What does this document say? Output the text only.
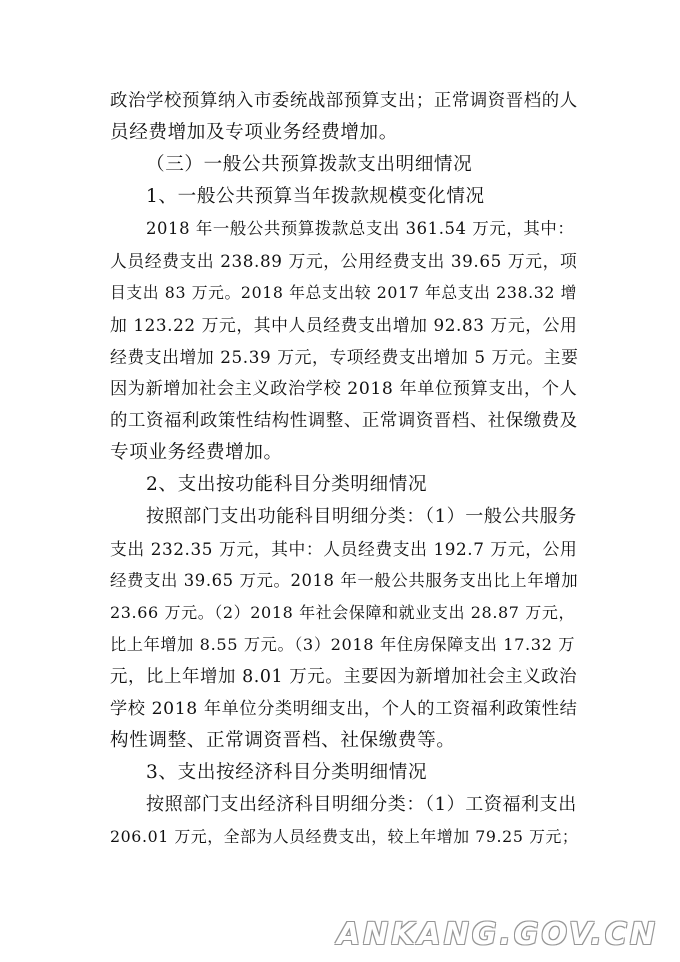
政治学校预算纳入市委统战部预算支出；正常调资晋档的人
员经费增加及专项业务经费增加。
（三）一般公共预算拨款支出明细情况
1、一般公共预算当年拨款规模变化情况
2018 年一般公共预算拨款总支出 361.54 万元，其中：
人员经费支出 238.89 万元，公用经费支出 39.65 万元，项
目支出 83 万元。2018 年总支出较 2017 年总支出 238.32 增
加 123.22 万元，其中人员经费支出增加 92.83 万元，公用
经费支出增加 25.39 万元，专项经费支出增加 5 万元。主要
因为新增加社会主义政治学校 2018 年单位预算支出，个人
的工资福利政策性结构性调整、正常调资晋档、社保缴费及
专项业务经费增加。
2、支出按功能科目分类明细情况
按照部门支出功能科目明细分类：（1）一般公共服务
支出 232.35 万元，其中：人员经费支出 192.7 万元，公用
经费支出 39.65 万元。2018 年一般公共服务支出比上年增加
23.66 万元。（2）2018 年社会保障和就业支出 28.87 万元，
比上年增加 8.55 万元。（3）2018 年住房保障支出 17.32 万
元，比上年增加 8.01 万元。主要因为新增加社会主义政治
学校 2018 年单位分类明细支出，个人的工资福利政策性结
构性调整、正常调资晋档、社保缴费等。
3、支出按经济科目分类明细情况
按照部门支出经济科目明细分类：（1）工资福利支出
206.01 万元，全部为人员经费支出，较上年增加 79.25 万元；
ANKANG.GOV.CN
